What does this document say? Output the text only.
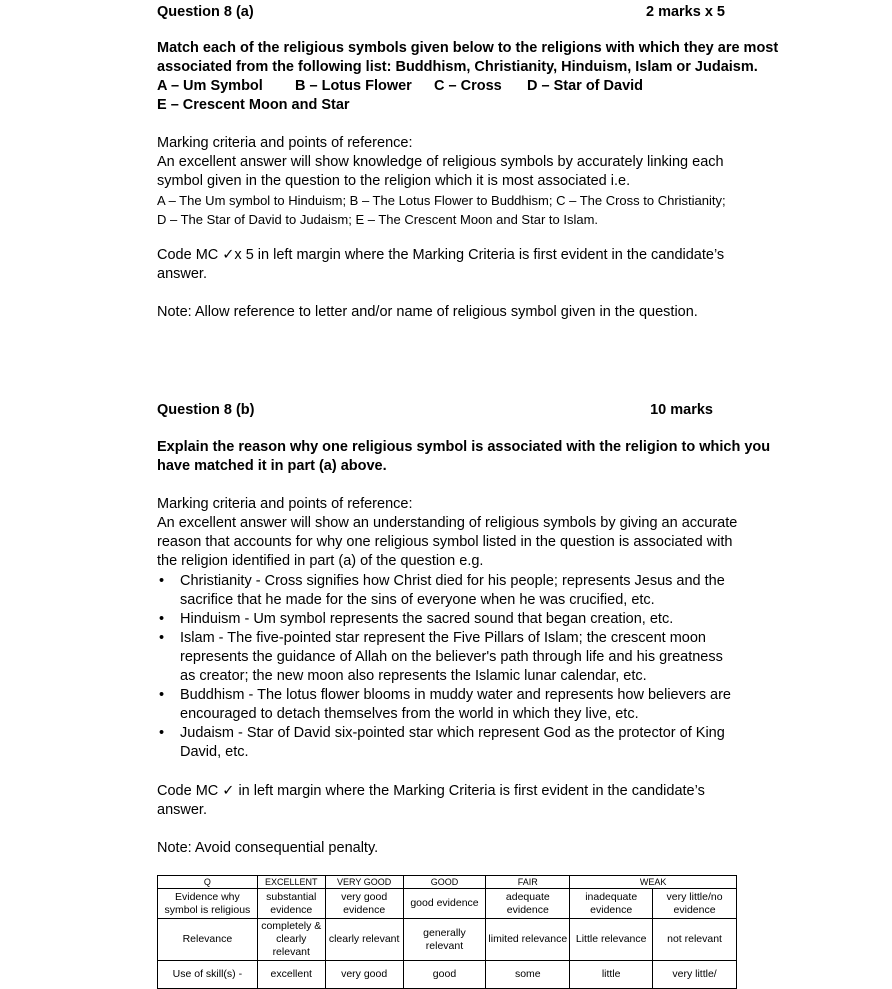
Question 8 (a)	2 marks x 5
Match each of the religious symbols given below to the religions with which they are most
associated from the following list: Buddhism, Christianity, Hinduism, Islam or Judaism.
A – Um Symbol B – Lotus Flower C – Cross D – Star of David
E – Crescent Moon and Star
Marking criteria and points of reference:
An excellent answer will show knowledge of religious symbols by accurately linking each
symbol given in the question to the religion which it is most associated i.e.
A – The Um symbol to Hinduism; B – The Lotus Flower to Buddhism; C – The Cross to Christianity;
D – The Star of David to Judaism; E – The Crescent Moon and Star to Islam.
Code MC ✓x 5 in left margin where the Marking Criteria is first evident in the candidate’s
answer.
Note: Allow reference to letter and/or name of religious symbol given in the question.
Question 8 (b)	10 marks
Explain the reason why one religious symbol is associated with the religion to which you
have matched it in part (a) above.
Marking criteria and points of reference:
An excellent answer will show an understanding of religious symbols by giving an accurate
reason that accounts for why one religious symbol listed in the question is associated with
the religion identified in part (a) of the question e.g.
• Christianity - Cross signifies how Christ died for his people; represents Jesus and the sacrifice that he made for the sins of everyone when he was crucified, etc.
• Hinduism - Um symbol represents the sacred sound that began creation, etc.
• Islam - The five-pointed star represent the Five Pillars of Islam; the crescent moon represents the guidance of Allah on the believer's path through life and his greatness as creator; the new moon also represents the Islamic lunar calendar, etc.
• Buddhism - The lotus flower blooms in muddy water and represents how believers are encouraged to detach themselves from the world in which they live, etc.
• Judaism - Star of David six-pointed star which represent God as the protector of King David, etc.
Code MC ✓ in left margin where the Marking Criteria is first evident in the candidate’s
answer.
Note: Avoid consequential penalty.
Q	EXCELLENT	VERY GOOD	GOOD	FAIR	WEAK	
Evidence why symbol is religious	substantial evidence	very good evidence	good evidence	adequate evidence	inadequate evidence	very little/no evidence
Relevance	completely & clearly relevant	clearly relevant	generally relevant	limited relevance	Little relevance	not relevant
Use of skill(s) -	excellent	very good	good	some	little	very little/
